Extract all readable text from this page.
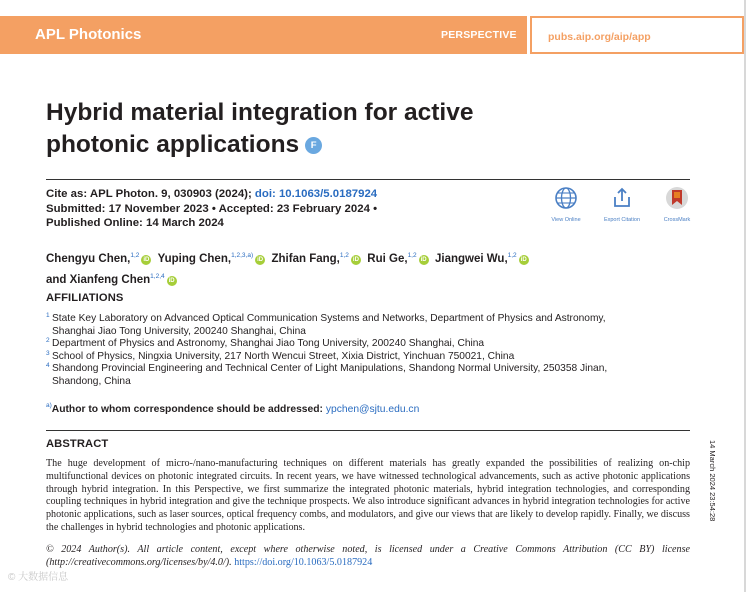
APL Photonics	PERSPECTIVE	pubs.aip.org/aip/app
Hybrid material integration for active photonic applications F
Cite as: APL Photon. 9, 030903 (2024); doi: 10.1063/5.0187924
Submitted: 17 November 2023 • Accepted: 23 February 2024 •
Published Online: 14 March 2024	View Online	Export Citation	CrossMark
Chengyu Chen,$^{1,2}$iD Yuping Chen,$^{1,2,3,a)}$iD Zhifan Fang,$^{1,2}$iD Rui Ge,$^{1,2}$iD Jiangwei Wu,$^{1,2}$iD
and Xianfeng Chen$^{1,2,4}$iD
AFFILIATIONS
1 State Key Laboratory on Advanced Optical Communication Systems and Networks, Department of Physics and Astronomy,
Shanghai Jiao Tong University, 200240 Shanghai, China
2 Department of Physics and Astronomy, Shanghai Jiao Tong University, 200240 Shanghai, China
3 School of Physics, Ningxia University, 217 North Wencui Street, Xixia District, Yinchuan 750021, China
4 Shandong Provincial Engineering and Technical Center of Light Manipulations, Shandong Normal University, 250358 Jinan,
Shandong, China
$^{a)}$Author to whom correspondence should be addressed: ypchen@sjtu.edu.cn
ABSTRACT
The huge development of micro-/nano-manufacturing techniques on different materials has greatly expanded the possibilities of realizing on-chip multifunctional devices on photonic integrated circuits. In recent years, we have witnessed technological advancements, such as active photonic applications through hybrid integration. In this Perspective, we first summarize the integrated photonic materials, hybrid integration technologies, and corresponding coupling techniques in hybrid integration and give the technique prospects. We also introduce significant advances in hybrid integration technologies for active photonic applications, such as laser sources, optical frequency combs, and modulators, and give our views that are likely to develop rapidly. Finally, we discuss the challenges in hybrid technologies and photonic applications.
© 2024 Author(s). All article content, except where otherwise noted, is licensed under a Creative Commons Attribution (CC BY) license (http://creativecommons.org/licenses/by/4.0/). https://doi.org/10.1063/5.0187924
14 March 2024 23:54:28
© 大数据信息
